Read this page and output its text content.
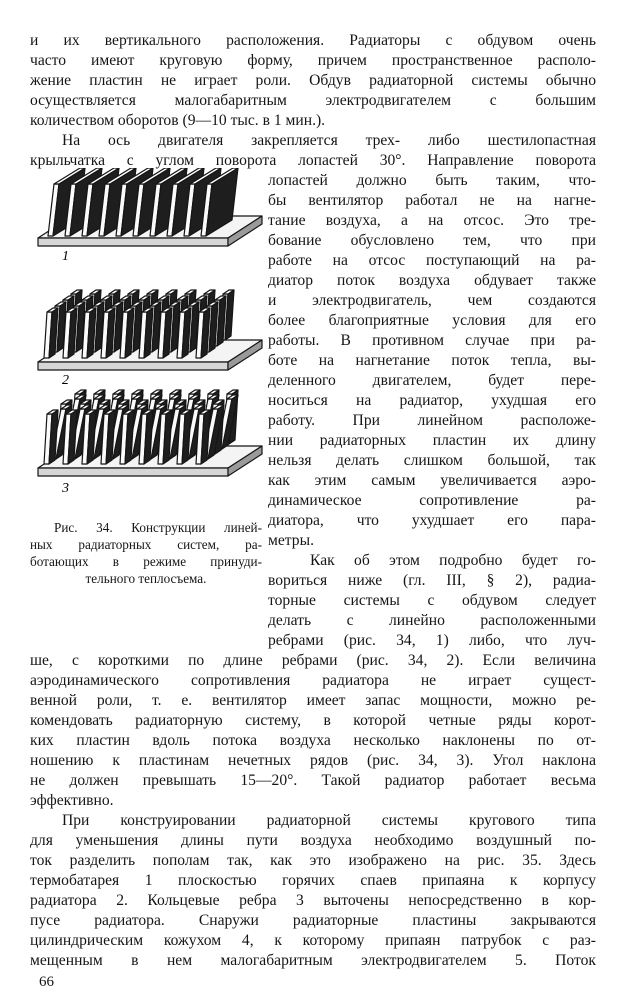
и их вертикального расположения. Радиаторы с обдувом очень
часто имеют круговую форму, причем пространственное располо-
жение пластин не играет роли. Обдув радиаторной системы обычно
осуществляется малогабаритным электродвигателем с большим
количеством оборотов (9—10 тыс. в 1 мин.).
На ось двигателя закрепляется трех- либо шестилопастная
крыльчатка с углом поворота лопастей 30°. Направление поворота
лопастей должно быть таким, что-
бы вентилятор работал не на нагне-
тание воздуха, а на отсос. Это тре-
бование обусловлено тем, что при
работе на отсос поступающий на ра-
диатор поток воздуха обдувает также
и электродвигатель, чем создаются
более благоприятные условия для его
работы. В противном случае при ра-
боте на нагнетание поток тепла, вы-
деленного двигателем, будет пере-
носиться на радиатор, ухудшая его
работу. При линейном расположе-
нии радиаторных пластин их длину
нельзя делать слишком большой, так
как этим самым увеличивается аэро-
динамическое сопротивление ра-
диатора, что ухудшает его пара-
метры.
Как об этом подробно будет го-
вориться ниже (гл. III, § 2), радиа-
торные системы с обдувом следует
делать с линейно расположенными
ребрами (рис. 34, 1) либо, что луч-
1
2
3
Рис. 34. Конструкции линей-
ных радиаторных систем, ра-
ботающих в режиме принуди-
тельного теплосъема.
ше, с короткими по длине ребрами (рис. 34, 2). Если величина
аэродинамического сопротивления радиатора не играет сущест-
венной роли, т. е. вентилятор имеет запас мощности, можно ре-
комендовать радиаторную систему, в которой четные ряды корот-
ких пластин вдоль потока воздуха несколько наклонены по от-
ношению к пластинам нечетных рядов (рис. 34, 3). Угол наклона
не должен превышать 15—20°. Такой радиатор работает весьма
эффективно.
При конструировании радиаторной системы кругового типа
для уменьшения длины пути воздуха необходимо воздушный по-
ток разделить пополам так, как это изображено на рис. 35. Здесь
термобатарея 1 плоскостью горячих спаев припаяна к корпусу
радиатора 2. Кольцевые ребра 3 выточены непосредственно в кор-
пусе радиатора. Снаружи радиаторные пластины закрываются
цилиндрическим кожухом 4, к которому припаян патрубок с раз-
мещенным в нем малогабаритным электродвигателем 5. Поток
66
